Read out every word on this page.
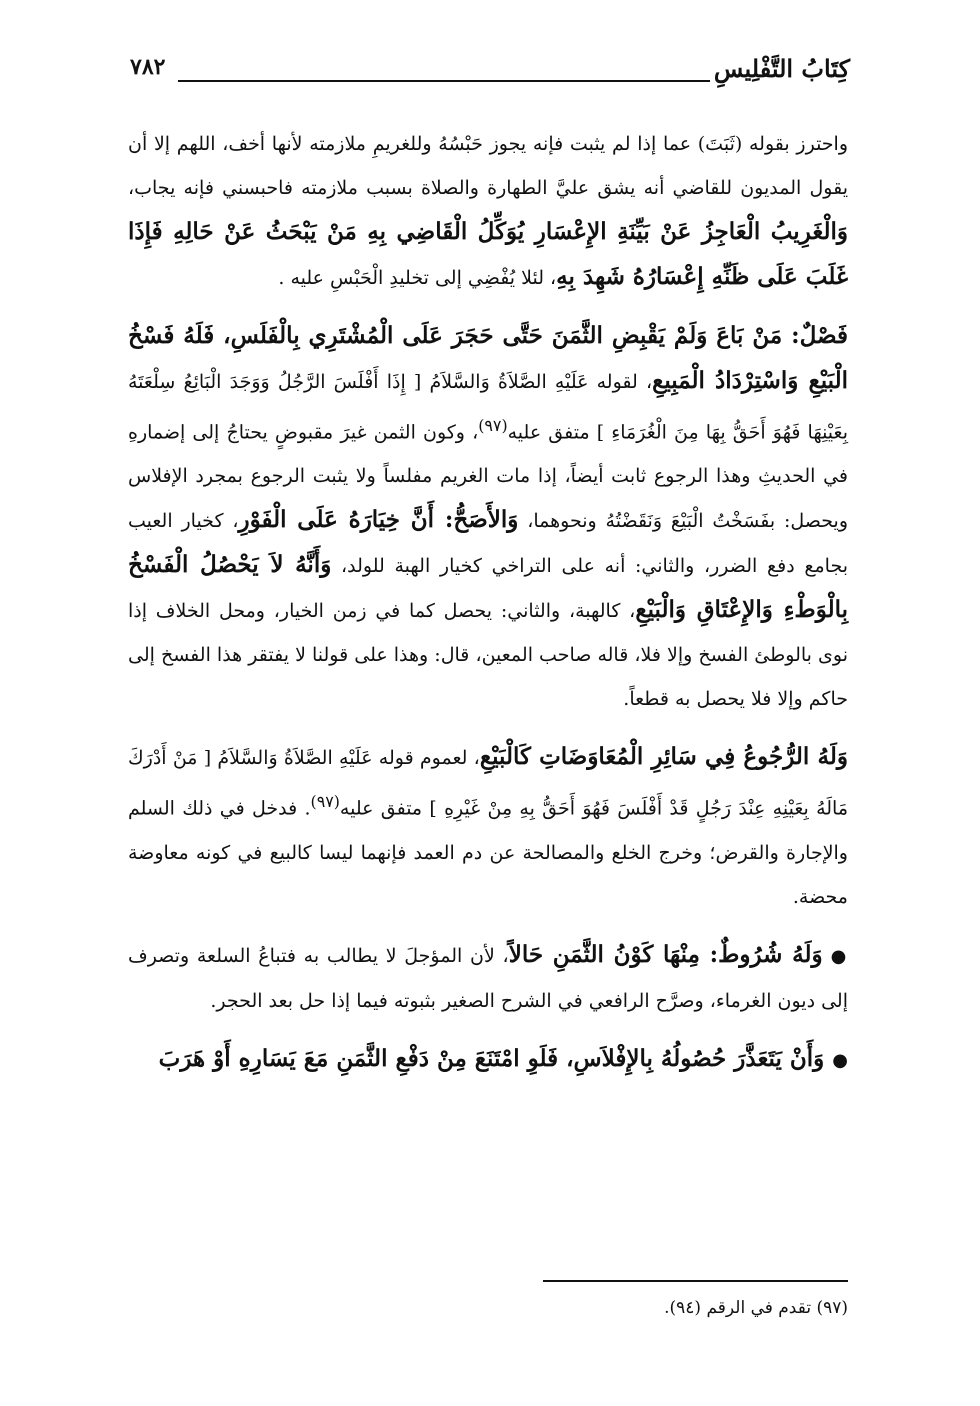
كِتَابُ التَّفْلِيسِ
٧٨٢

واحترز بقوله (ثَبَتَ) عما إذا لم يثبت فإنه يجوز حَبْسُهُ وللغريمِ ملازمته لأنها أخف، اللهم إلا أن يقول المديون للقاضي أنه يشق عليَّ الطهارة والصلاة بسبب ملازمته فاحبسني فإنه يجاب، وَالْغَرِيبُ الْعَاجِزُ عَنْ بَيِّنَةِ الإِعْسَارِ يُوَكِّلُ الْقَاضِي بِهِ مَنْ يَبْحَثُ عَنْ حَالِهِ فَإِذَا غَلَبَ عَلَى ظَنِّهِ إِعْسَارُهُ شَهِدَ بِهِ، لئلا يُفْضِي إلى تخليدِ الْحَبْسِ عليه .

فَصْلٌ: مَنْ بَاعَ وَلَمْ يَقْبِضِ الثَّمَنَ حَتَّى حَجَرَ عَلَى الْمُشْتَرِي بِالْفَلَسِ، فَلَهُ فَسْخُ الْبَيْعِ وَاسْتِرْدَادُ الْمَبِيعِ، لقوله عَلَيْهِ الصَّلاَةُ وَالسَّلاَمُ [ إِذَا أَفْلَسَ الرَّجُلُ وَوَجَدَ الْبَائِعُ سِلْعَتَهُ بِعَيْنِهَا فَهُوَ أَحَقُّ بِهَا مِنَ الْغُرَمَاءِ ] متفق عليه$^{(٩٧)}$، وكون الثمن غيرَ مقبوضٍ يحتاجُ إلى إضمارهِ في الحديثِ وهذا الرجوع ثابت أيضاً، إذا مات الغريم مفلساً ولا يثبت الرجوع بمجرد الإفلاس ويحصل: بفَسَخْتُ الْبَيْعَ وَنَقَضْتُهُ ونحوهما، وَالأَصَحُّ: أَنَّ خِيَارَهُ عَلَى الْفَوْرِ، كخيار العيب بجامع دفع الضرر، والثاني: أنه على التراخي كخيار الهبة للولد، وَأَنَّهُ لاَ يَحْصُلُ الْفَسْخُ بِالْوَطْءِ وَالإِعْتَاقِ وَالْبَيْعِ، كالهبة، والثاني: يحصل كما في زمن الخيار، ومحل الخلاف إذا نوى بالوطئ الفسخ وإلا فلا، قاله صاحب المعين، قال: وهذا على قولنا لا يفتقر هذا الفسخ إلى حاكم وإلا فلا يحصل به قطعاً.

وَلَهُ الرُّجُوعُ فِي سَائِرِ الْمُعَاوَضَاتِ كَالْبَيْعِ، لعموم قوله عَلَيْهِ الصَّلاَةُ وَالسَّلاَمُ [ مَنْ أَدْرَكَ مَالَهُ بِعَيْنِهِ عِنْدَ رَجُلٍ قَدْ أَفْلَسَ فَهُوَ أَحَقُّ بِهِ مِنْ غَيْرِهِ ] متفق عليه$^{(٩٧)}$. فدخل في ذلك السلم والإجارة والقرض؛ وخرج الخلع والمصالحة عن دم العمد فإنهما ليسا كالبيع في كونه معاوضة محضة.

●وَلَهُ شُرُوطٌ: مِنْهَا كَوْنُ الثَّمَنِ حَالاً، لأن المؤجلَ لا يطالب به فتباعُ السلعة وتصرف إلى ديون الغرماء، وصرَّح الرافعي في الشرح الصغير بثبوته فيما إذا حل بعد الحجر.

●وَأَنْ يَتَعَذَّرَ حُصُولُهُ بِالإِفْلاَسِ، فَلَوِ امْتَنَعَ مِنْ دَفْعِ الثَّمَنِ مَعَ يَسَارِهِ أَوْ هَرَبَ

(٩٧) تقدم في الرقم (٩٤).
